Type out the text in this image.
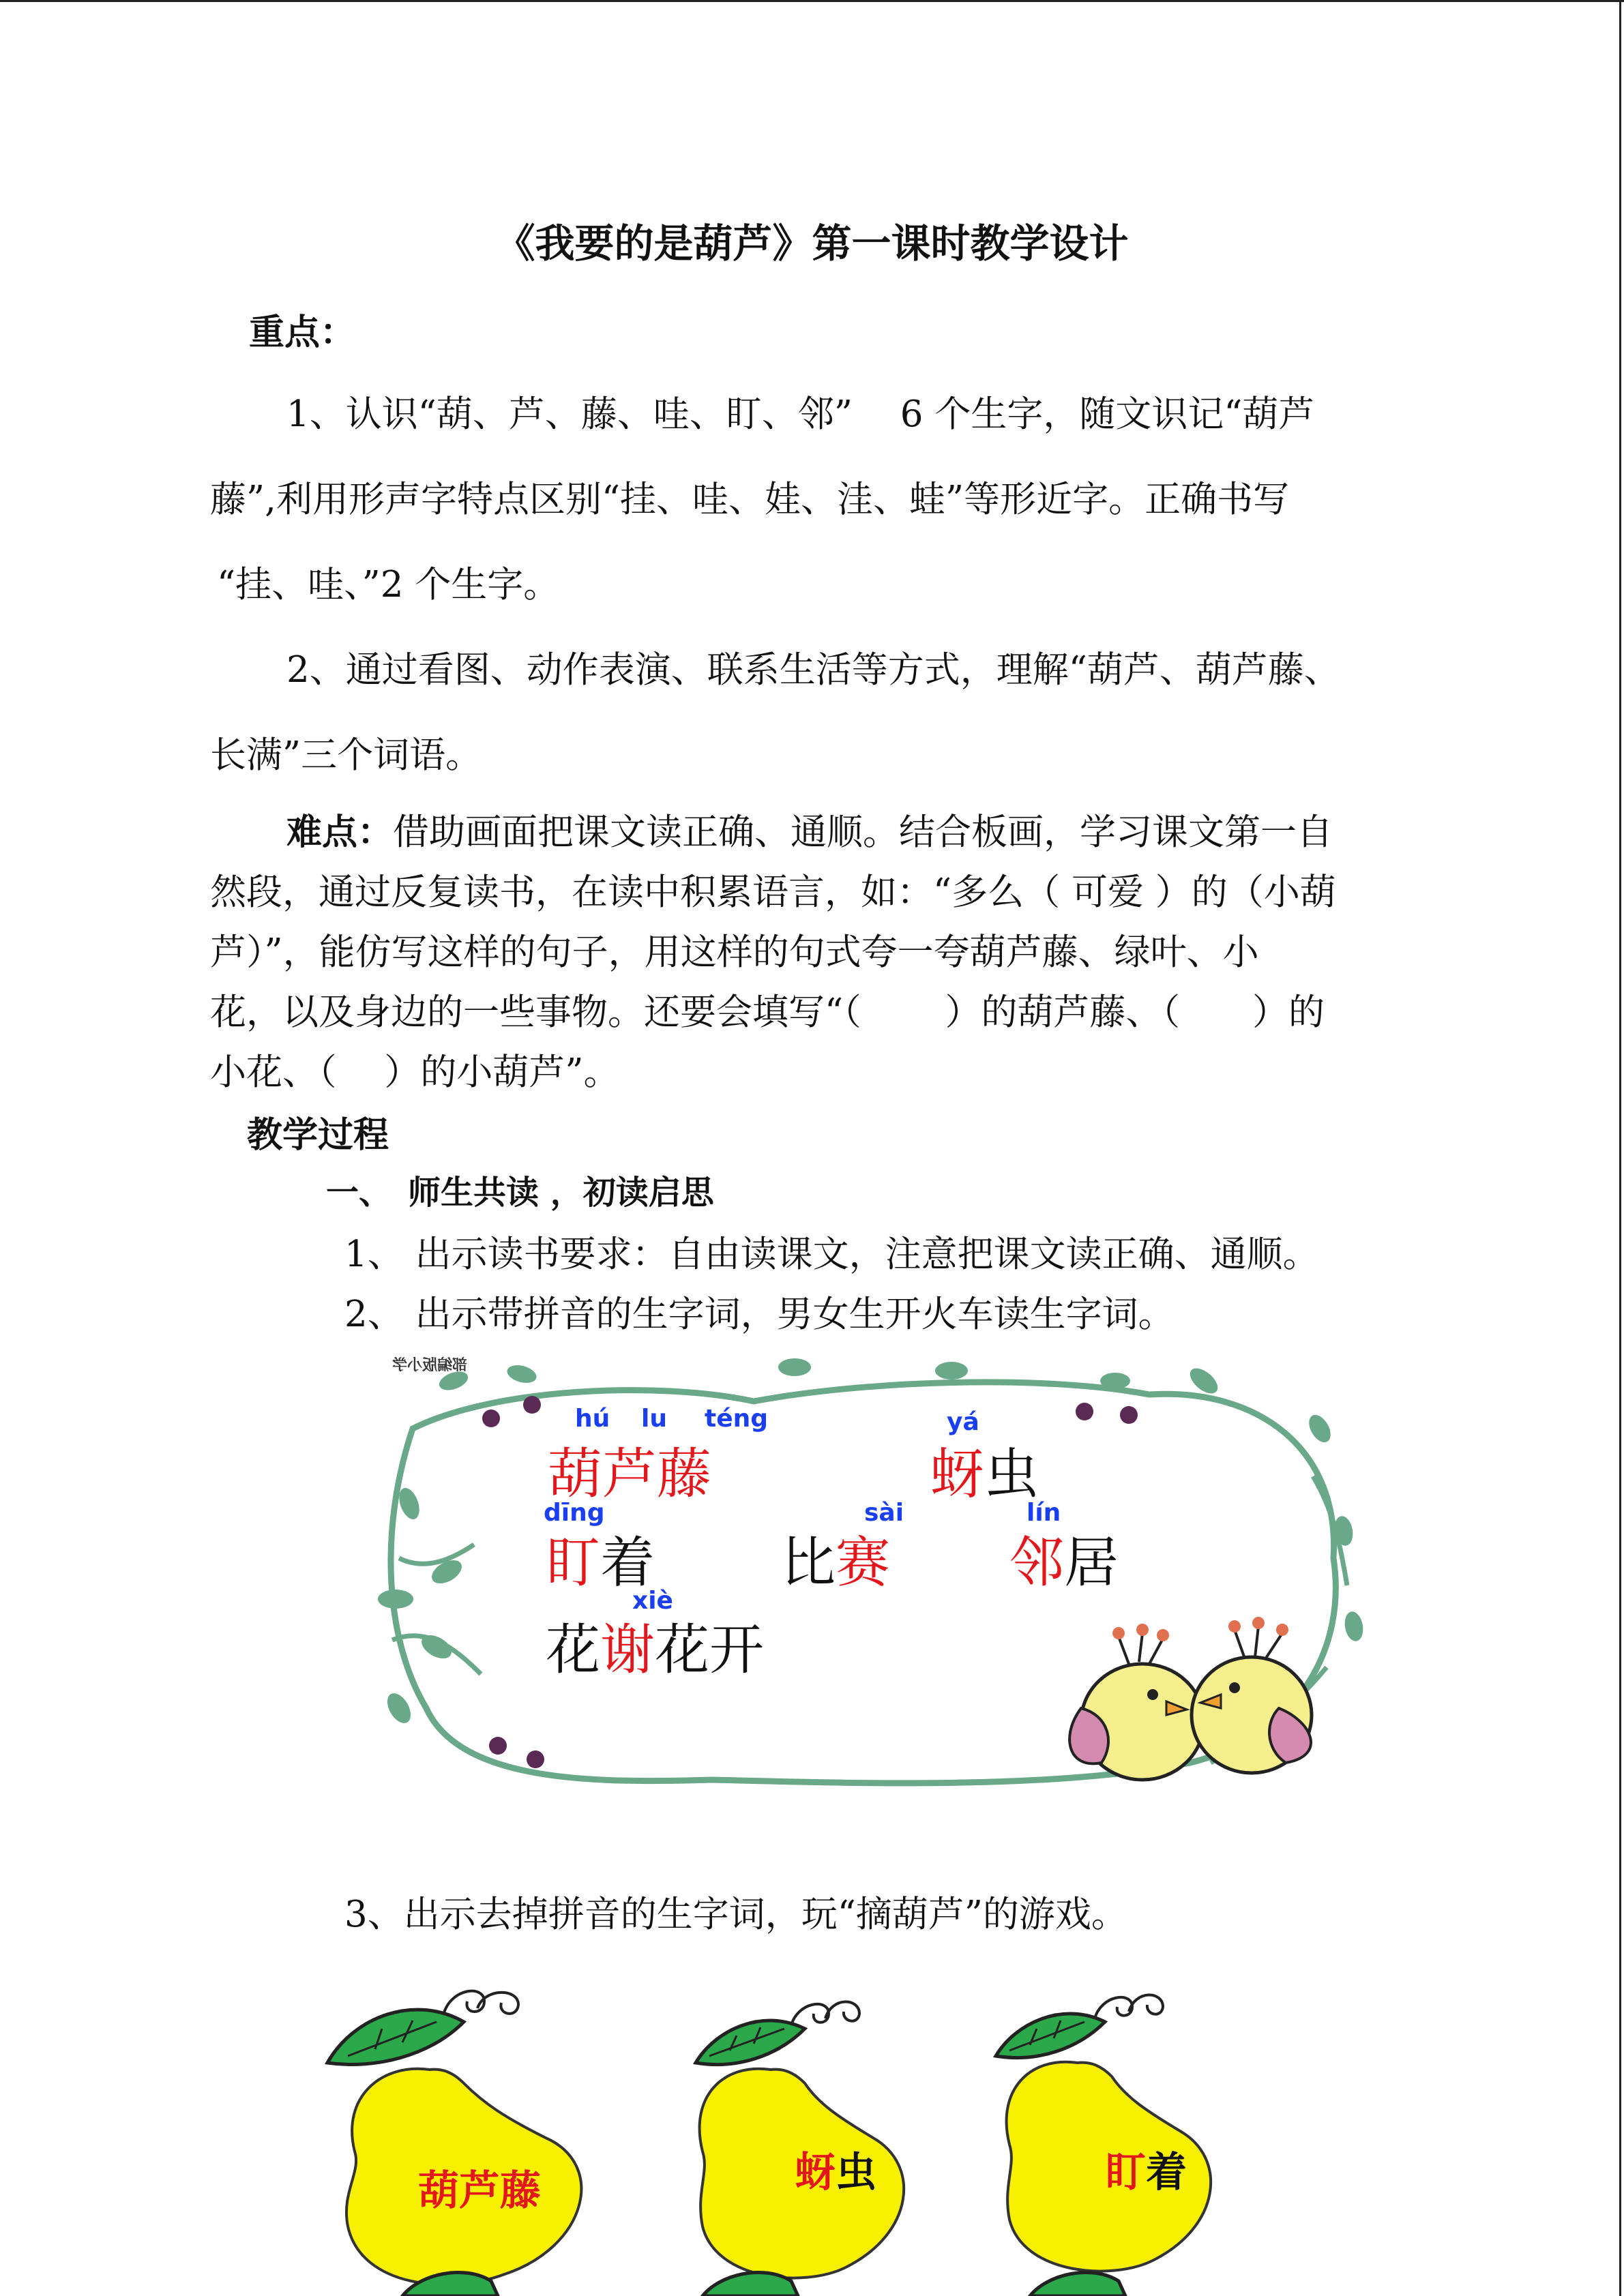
《我要的是葫芦》第一课时教学设计
重点：
1、认识“葫、芦、藤、哇、盯、邻”　 6 个生字，随文识记“葫芦
藤”,利用形声字特点区别“挂、哇、娃、洼、蛙”等形近字。正确书写
“挂、哇、”2 个生字。
2、通过看图、动作表演、联系生活等方式，理解“葫芦、葫芦藤、
长满”三个词语。
难点：借助画面把课文读正确、通顺。结合板画，学习课文第一自
然段，通过反复读书，在读中积累语言，如：“多么（ 可爱 ）的（小葫
芦）”，能仿写这样的句子，用这样的句式夸一夸葫芦藤、绿叶、小
花，以及身边的一些事物。还要会填写“（　　 ）的葫芦藤、（　　）的
小花、（　 ）的小葫芦”。
教学过程
一、　师生共读 ，初读启思
1、 出示读书要求：自由读课文，注意把课文读正确、通顺。
2、 出示带拼音的生字词，男女生开火车读生字词。
部编版小学
hú lu téng	yá
葫芦藤	蚜虫
dīng	sài	lín
盯着 比赛 邻居
xiè
花谢花开
3、出示去掉拼音的生字词，玩“摘葫芦”的游戏。
葫芦藤	蚜虫	盯着
